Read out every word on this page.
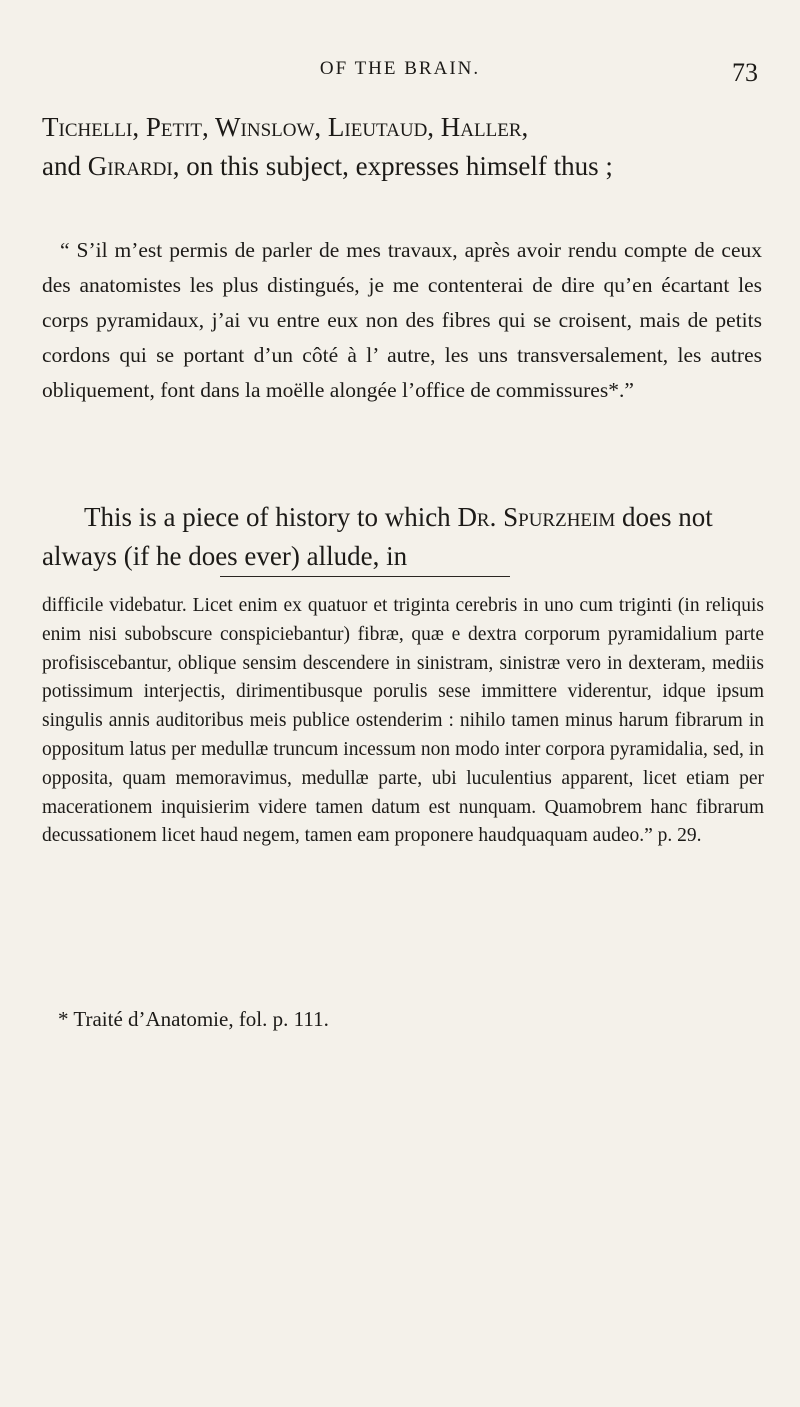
OF THE BRAIN.	73
Tichelli, Petit, Winslow, Lieutaud, Haller,
and Girardi, on this subject, expresses himself thus ;
“ S’il m’est permis de parler de mes travaux, après avoir rendu compte de ceux des anatomistes les plus distingués, je me contenterai de dire qu’en écartant les corps pyramidaux, j’ai vu entre eux non des fibres qui se croisent, mais de petits cordons qui se portant d’un côté à l’ autre, les uns transversalement, les autres obliquement, font dans la moëlle alongée l’office de commissures*.”
This is a piece of history to which Dr. Spurzheim does not always (if he does ever) allude, in
difficile videbatur. Licet enim ex quatuor et triginta cerebris in uno cum triginti (in reliquis enim nisi subobscure conspiciebantur) fibræ, quæ e dextra corporum pyramidalium parte profisiscebantur, oblique sensim descendere in sinistram, sinistræ vero in dexteram, mediis potissimum interjectis, dirimentibusque porulis sese immittere viderentur, idque ipsum singulis annis auditoribus meis publice ostenderim : nihilo tamen minus harum fibrarum in oppositum latus per medullæ truncum incessum non modo inter corpora pyramidalia, sed, in opposita, quam memoravimus, medullæ parte, ubi luculentius apparent, licet etiam per macerationem inquisierim videre tamen datum est nunquam. Quamobrem hanc fibrarum decussationem licet haud negem, tamen eam proponere haudquaquam audeo.” p. 29.
* Traité d’Anatomie, fol. p. 111.
